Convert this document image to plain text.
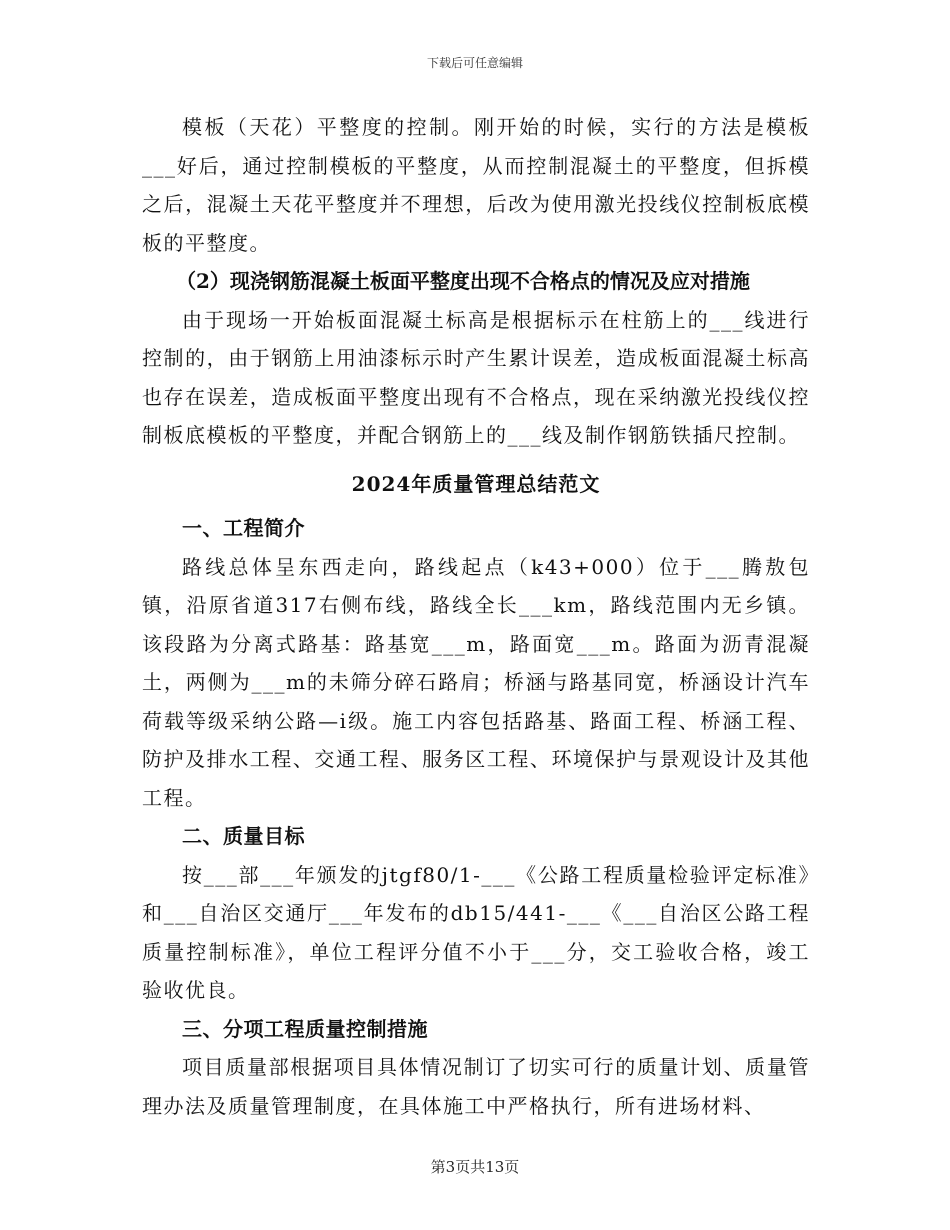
下载后可任意编辑

模板（天花）平整度的控制。刚开始的时候，实行的方法是模板___好后，通过控制模板的平整度，从而控制混凝土的平整度，但拆模之后，混凝土天花平整度并不理想，后改为使用激光投线仪控制板底模板的平整度。

（2）现浇钢筋混凝土板面平整度出现不合格点的情况及应对措施

由于现场一开始板面混凝土标高是根据标示在柱筋上的___线进行控制的，由于钢筋上用油漆标示时产生累计误差，造成板面混凝土标高也存在误差，造成板面平整度出现有不合格点，现在采纳激光投线仪控制板底模板的平整度，并配合钢筋上的___线及制作钢筋铁插尺控制。

2024年质量管理总结范文

一、工程简介

路线总体呈东西走向，路线起点（k43+000）位于___腾敖包镇，沿原省道317右侧布线，路线全长___km，路线范围内无乡镇。该段路为分离式路基：路基宽___m，路面宽___m。路面为沥青混凝土，两侧为___m的未筛分碎石路肩；桥涵与路基同宽，桥涵设计汽车荷载等级采纳公路—i级。施工内容包括路基、路面工程、桥涵工程、防护及排水工程、交通工程、服务区工程、环境保护与景观设计及其他工程。

二、质量目标

按___部___年颁发的jtgf80/1-___《公路工程质量检验评定标准》和___自治区交通厅___年发布的db15/441-___《___自治区公路工程质量控制标准》，单位工程评分值不小于___分，交工验收合格，竣工验收优良。

三、分项工程质量控制措施

项目质量部根据项目具体情况制订了切实可行的质量计划、质量管理办法及质量管理制度，在具体施工中严格执行，所有进场材料、

第3页共13页
